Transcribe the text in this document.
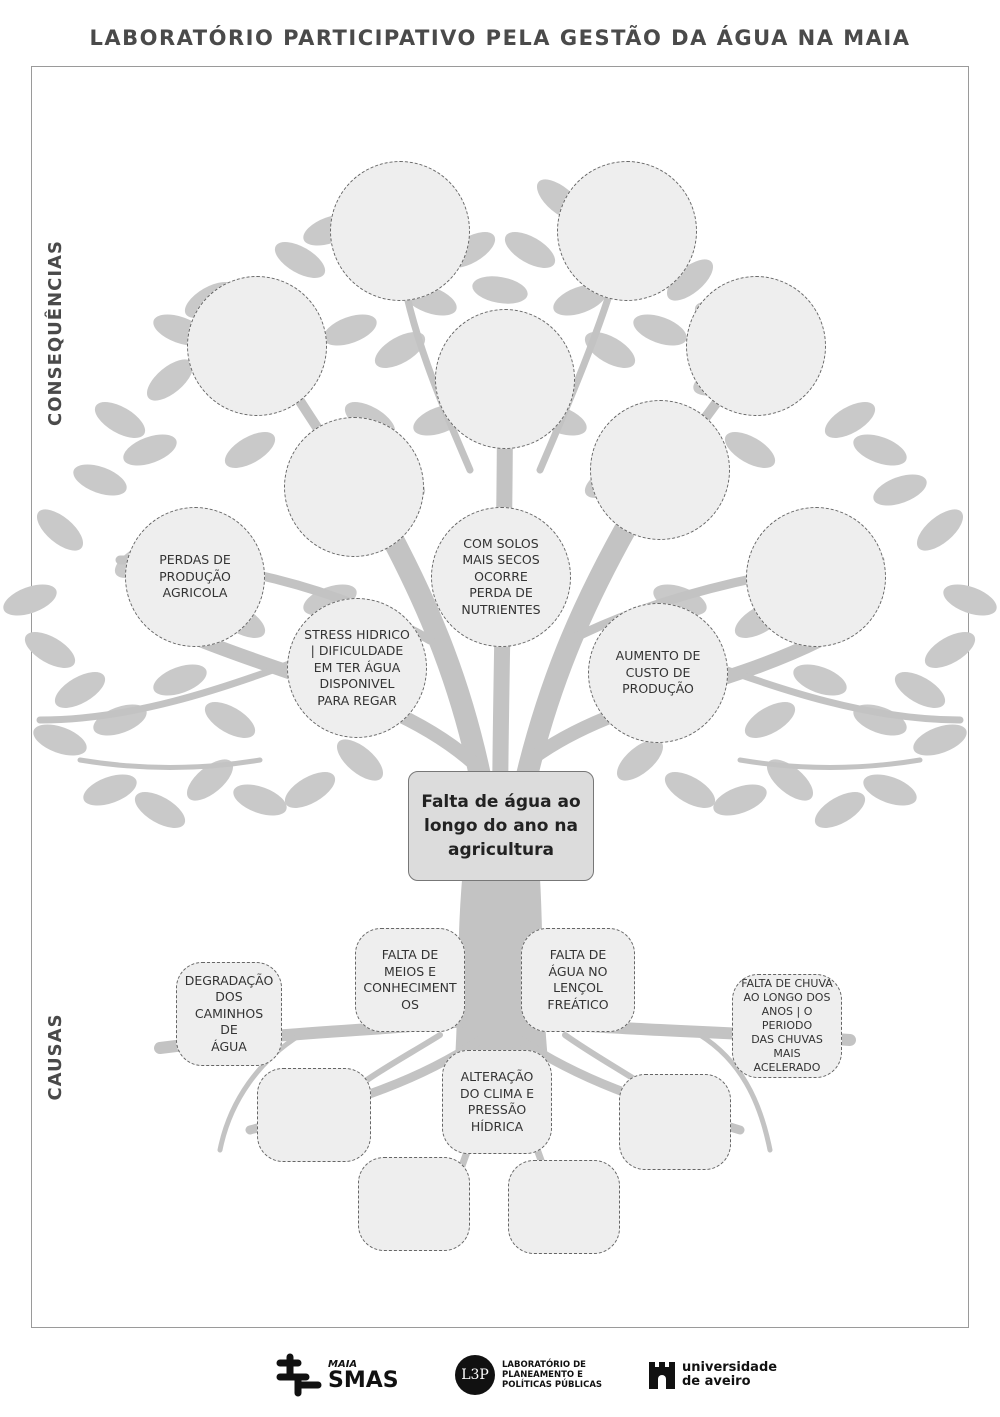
LABORATÓRIO PARTICIPATIVO PELA GESTÃO DA ÁGUA NA MAIA
CONSEQUÊNCIAS
CAUSAS
PERDAS DE
PRODUÇÃO
AGRICOLA
COM SOLOS
MAIS SECOS
OCORRE
PERDA DE
NUTRIENTES
STRESS HIDRICO
| DIFICULDADE
EM TER ÁGUA
DISPONIVEL
PARA REGAR
AUMENTO DE
CUSTO DE
PRODUÇÃO
DEGRADAÇÃO
DOS
CAMINHOS DE
ÁGUA
FALTA DE
MEIOS E
CONHECIMENT
OS
FALTA DE
ÁGUA NO
LENÇOL
FREÁTICO
FALTA DE CHUVA
AO LONGO DOS
ANOS | O PERIODO
DAS CHUVAS MAIS
ACELERADO
ALTERAÇÃO
DO CLIMA E
PRESSÃO
HÍDRICA
Falta de água ao
longo do ano na
agricultura
MAIA
SMAS	L3P
LABORATÓRIO DE
PLANEAMENTO E
POLÍTICAS PÚBLICAS
universidade
de aveiro
